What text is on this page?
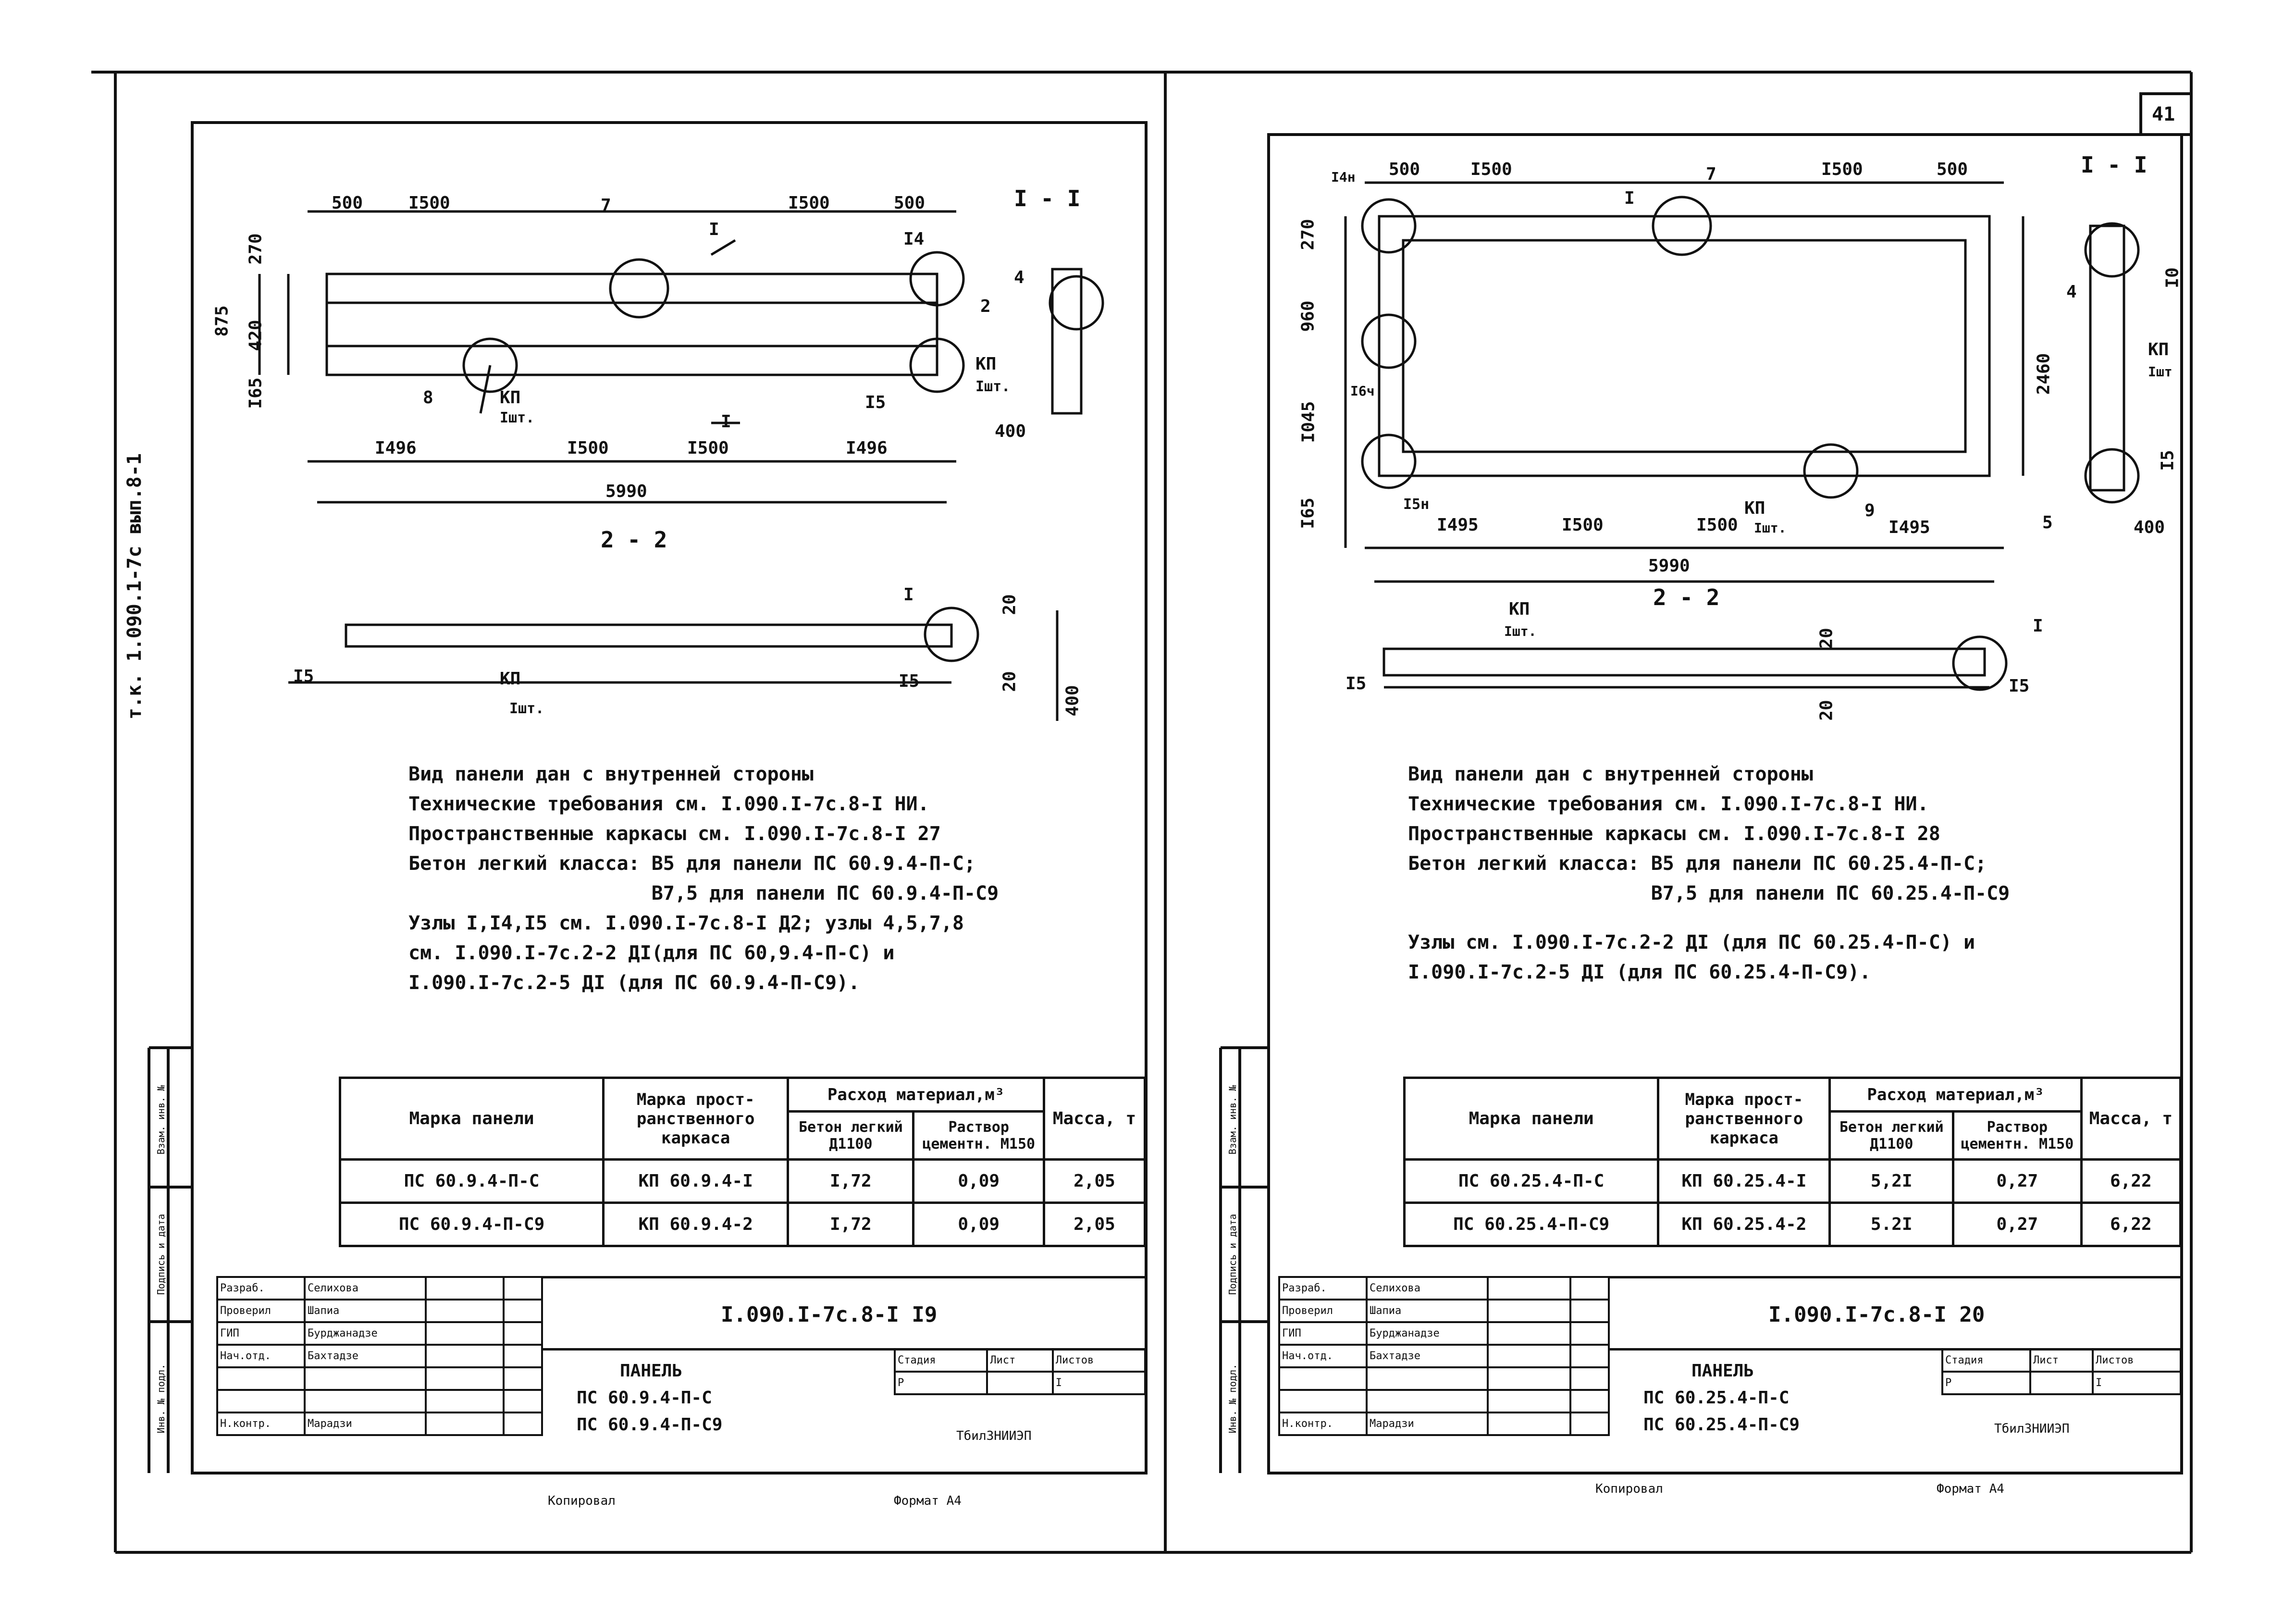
41
т.к. 1.090.1-7с вып.8-1
Инв. № подл.
Подпись и дата
Взам. инв. №
Инв. № подл.
Подпись и дата
Взам. инв. №
I - I
2 - 2
500	I500	I500	500
I496	I500	I500	I496
5990
270
875 420
I65
7
I	I4
4
2
8	КП
Iшт.
I5
КП
Iшт.
I	400
I
I5	I5
КП
Iшт.
20
20
400
Вид панели дан с внутренней стороны
Технические требования см. I.090.I-7с.8-I НИ.
Пространственные каркасы см. I.090.I-7с.8-I 27
Бетон легкий класса: В5 для панели ПС 60.9.4-П-С;
В7,5 для панели ПС 60.9.4-П-С9
Узлы I,I4,I5 см. I.090.I-7с.8-I Д2; узлы 4,5,7,8
см. I.090.I-7с.2-2 ДI(для ПС 60,9.4-П-С) и
I.090.I-7с.2-5 ДI (для ПС 60.9.4-П-С9).
Марка панели	Марка прост-ранственного каркаса	Расход материал,м³		Масса, т
		Бетон легкий Д1100	Раствор цементн. М150	
ПС 60.9.4-П-С	КП 60.9.4-I	I,72	0,09	2,05
ПС 60.9.4-П-С9	КП 60.9.4-2	I,72	0,09	2,05
Разраб.	Селихова		
Проверил	Шапиа		
ГИП	Бурджанадзе		
Нач.отд.	Бахтадзе		

Н.контр.	Марадзи		
I.090.I-7с.8-I I9
ПАНЕЛЬ
ПС 60.9.4-П-С
ПС 60.9.4-П-С9
Стадия	Лист	Листов
Р		I
ТбилЗНИИЭП
Копировал	Формат А4
I - I
2 - 2
500	I500	I500	500
I495	I500	I500	I495
5990
270
960
I045
I65
2460
I4н
I
7
I6ч
I5н	КП
Iшт.
9
4
I0
КП
Iшт
I5
5	400
I
I5	I5
КП
Iшт.	20
20
Вид панели дан с внутренней стороны
Технические требования см. I.090.I-7с.8-I НИ.
Пространственные каркасы см. I.090.I-7с.8-I 28
Бетон легкий класса: В5 для панели ПС 60.25.4-П-С;
В7,5 для панели ПС 60.25.4-П-С9
Узлы см. I.090.I-7с.2-2 ДI (для ПС 60.25.4-П-С) и
I.090.I-7с.2-5 ДI (для ПС 60.25.4-П-С9).
Марка панели	Марка прост-ранственного каркаса	Расход материал,м³		Масса, т
		Бетон легкий Д1100	Раствор цементн. М150	
ПС 60.25.4-П-С	КП 60.25.4-I	5,2I	0,27	6,22
ПС 60.25.4-П-С9	КП 60.25.4-2	5.2I	0,27	6,22
Разраб.	Селихова		
Проверил	Шапиа		
ГИП	Бурджанадзе		
Нач.отд.	Бахтадзе		

Н.контр.	Марадзи		
I.090.I-7с.8-I 20
ПАНЕЛЬ
ПС 60.25.4-П-С
ПС 60.25.4-П-С9
Стадия	Лист	Листов
Р		I
ТбилЗНИИЭП
Копировал	Формат А4
